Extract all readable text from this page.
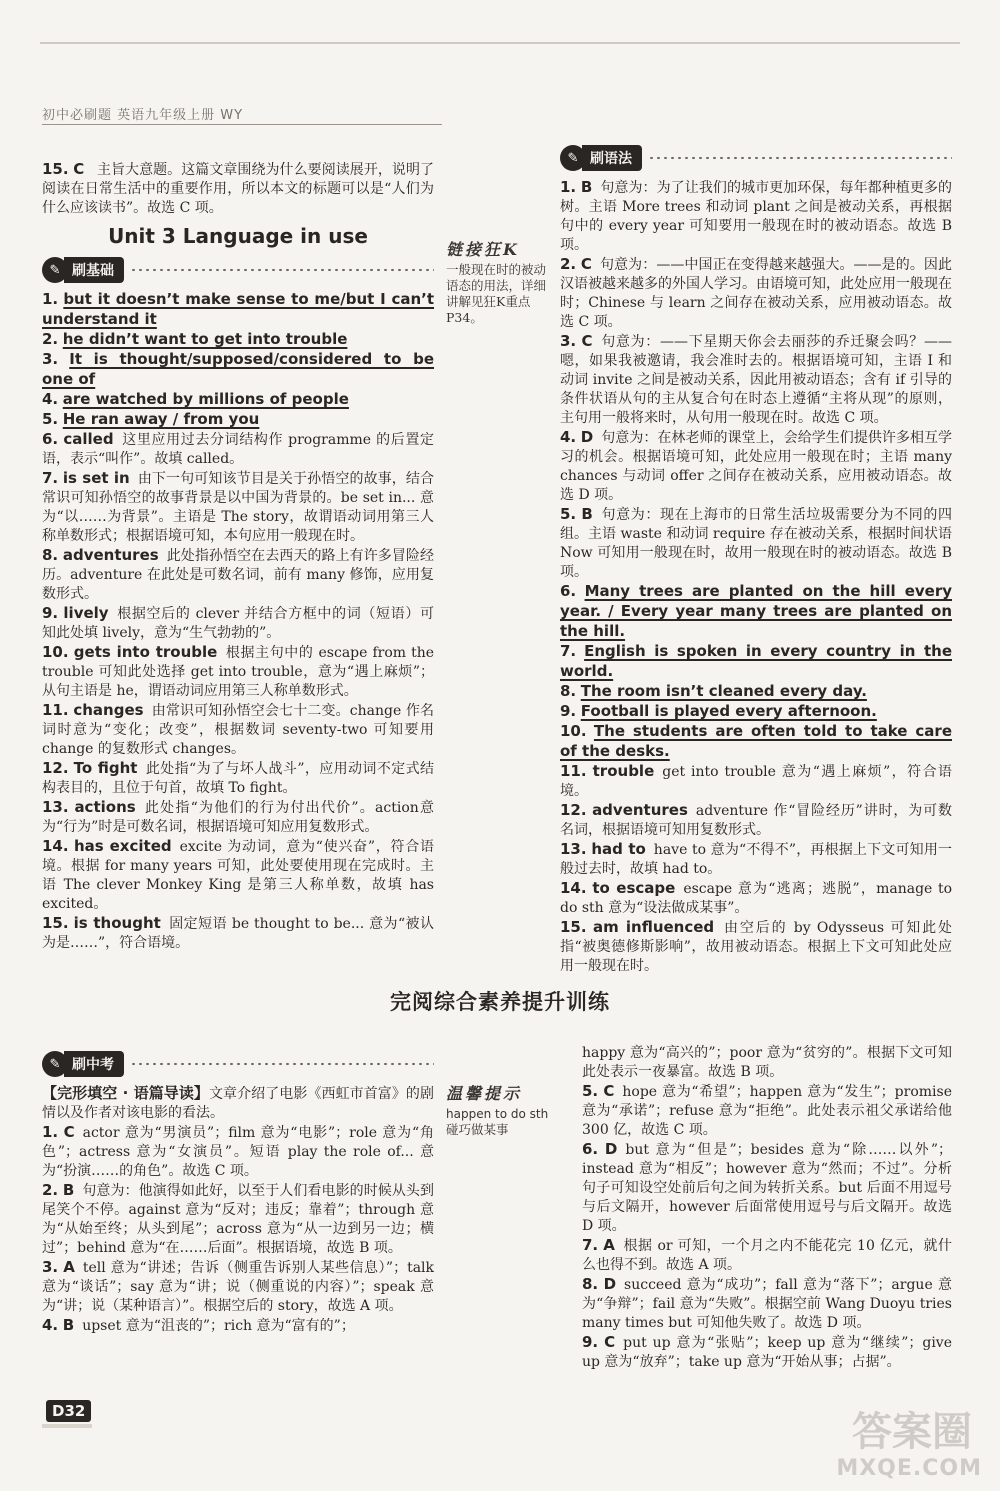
初中必刷题 英语九年级上册 WY
15. C 主旨大意题。这篇文章围绕为什么要阅读展开，说明了阅读在日常生活中的重要作用，所以本文的标题可以是“人们为什么应该读书”。故选 C 项。
Unit 3 Language in use
✎ 刷基础
1. but it doesn’t make sense to me/but I can’t understand it
2. he didn’t want to get into trouble
3. It is thought/supposed/considered to be one of
4. are watched by millions of people
5. He ran away / from you
6. called 这里应用过去分词结构作 programme 的后置定语，表示“叫作”。故填 called。
7. is set in 由下一句可知该节目是关于孙悟空的故事，结合常识可知孙悟空的故事背景是以中国为背景的。be set in... 意为“以……为背景”。主语是 The story，故谓语动词用第三人称单数形式；根据语境可知，本句应用一般现在时。
8. adventures 此处指孙悟空在去西天的路上有许多冒险经历。adventure 在此处是可数名词，前有 many 修饰，应用复数形式。
9. lively 根据空后的 clever 并结合方框中的词（短语）可知此处填 lively，意为“生气勃勃的”。
10. gets into trouble 根据主句中的 escape from the trouble 可知此处选择 get into trouble，意为“遇上麻烦”；从句主语是 he，谓语动词应用第三人称单数形式。
11. changes 由常识可知孙悟空会七十二变。change 作名词时意为“变化；改变”，根据数词 seventy-two 可知要用 change 的复数形式 changes。
12. To fight 此处指“为了与坏人战斗”，应用动词不定式结构表目的，且位于句首，故填 To fight。
13. actions 此处指“为他们的行为付出代价”。action意为“行为”时是可数名词，根据语境可知应用复数形式。
14. has excited excite 为动词，意为“使兴奋”，符合语境。根据 for many years 可知，此处要使用现在完成时。主语 The clever Monkey King 是第三人称单数，故填 has excited。
15. is thought 固定短语 be thought to be... 意为“被认为是……”，符合语境。
链接狂K
一般现在时的被动语态的用法，详细讲解见狂K重点P34。
✎ 刷语法
1. B 句意为：为了让我们的城市更加环保，每年都种植更多的树。主语 More trees 和动词 plant 之间是被动关系，再根据句中的 every year 可知要用一般现在时的被动语态。故选 B 项。
2. C 句意为：——中国正在变得越来越强大。——是的。因此汉语被越来越多的外国人学习。由语境可知，此处应用一般现在时；Chinese 与 learn 之间存在被动关系，应用被动语态。故选 C 项。
3. C 句意为：——下星期天你会去丽莎的乔迁聚会吗？——嗯，如果我被邀请，我会准时去的。根据语境可知，主语 I 和动词 invite 之间是被动关系，因此用被动语态；含有 if 引导的条件状语从句的主从复合句在时态上遵循“主将从现”的原则，主句用一般将来时，从句用一般现在时。故选 C 项。
4. D 句意为：在林老师的课堂上，会给学生们提供许多相互学习的机会。根据语境可知，此处应用一般现在时；主语 many chances 与动词 offer 之间存在被动关系，应用被动语态。故选 D 项。
5. B 句意为：现在上海市的日常生活垃圾需要分为不同的四组。主语 waste 和动词 require 存在被动关系，根据时间状语 Now 可知用一般现在时，故用一般现在时的被动语态。故选 B 项。
6. Many trees are planted on the hill every year. / Every year many trees are planted on the hill.
7. English is spoken in every country in the world.
8. The room isn’t cleaned every day.
9. Football is played every afternoon.
10. The students are often told to take care of the desks.
11. trouble get into trouble 意为“遇上麻烦”，符合语境。
12. adventures adventure 作“冒险经历”讲时，为可数名词，根据语境可知用复数形式。
13. had to have to 意为“不得不”，再根据上下文可知用一般过去时，故填 had to。
14. to escape escape 意为“逃离；逃脱”，manage to do sth 意为“设法做成某事”。
15. am influenced 由空后的 by Odysseus 可知此处指“被奥德修斯影响”，故用被动语态。根据上下文可知此处应用一般现在时。
完阅综合素养提升训练
✎ 刷中考
【完形填空 · 语篇导读】文章介绍了电影《西虹市首富》的剧情以及作者对该电影的看法。
1. C actor 意为“男演员”；film 意为“电影”；role 意为“角色”；actress 意为“女演员”。短语 play the role of... 意为“扮演……的角色”。故选 C 项。
2. B 句意为：他演得如此好，以至于人们看电影的时候从头到尾笑个不停。against 意为“反对；违反；靠着”；through 意为“从始至终；从头到尾”；across 意为“从一边到另一边；横过”；behind 意为“在……后面”。根据语境，故选 B 项。
3. A tell 意为“讲述；告诉（侧重告诉别人某些信息）”；talk 意为“谈话”；say 意为“讲；说（侧重说的内容）”；speak 意为“讲；说（某种语言）”。根据空后的 story，故选 A 项。
4. B upset 意为“沮丧的”；rich 意为“富有的”；
温馨提示
happen to do sth
碰巧做某事
happy 意为“高兴的”；poor 意为“贫穷的”。根据下文可知此处表示一夜暴富。故选 B 项。
5. C hope 意为“希望”；happen 意为“发生”；promise 意为“承诺”；refuse 意为“拒绝”。此处表示祖父承诺给他 300 亿，故选 C 项。
6. D but 意为“但是”；besides 意为“除……以外”；instead 意为“相反”；however 意为“然而；不过”。分析句子可知设空处前后句之间为转折关系。but 后面不用逗号与后文隔开，however 后面常使用逗号与后文隔开。故选 D 项。
7. A 根据 or 可知，一个月之内不能花完 10 亿元，就什么也得不到。故选 A 项。
8. D succeed 意为“成功”；fall 意为“落下”；argue 意为“争辩”；fail 意为“失败”。根据空前 Wang Duoyu tries many times but 可知他失败了。故选 D 项。
9. C put up 意为“张贴”；keep up 意为“继续”；give up 意为“放弃”；take up 意为“开始从事；占据”。
D32	答案圈
MXQE.COM
